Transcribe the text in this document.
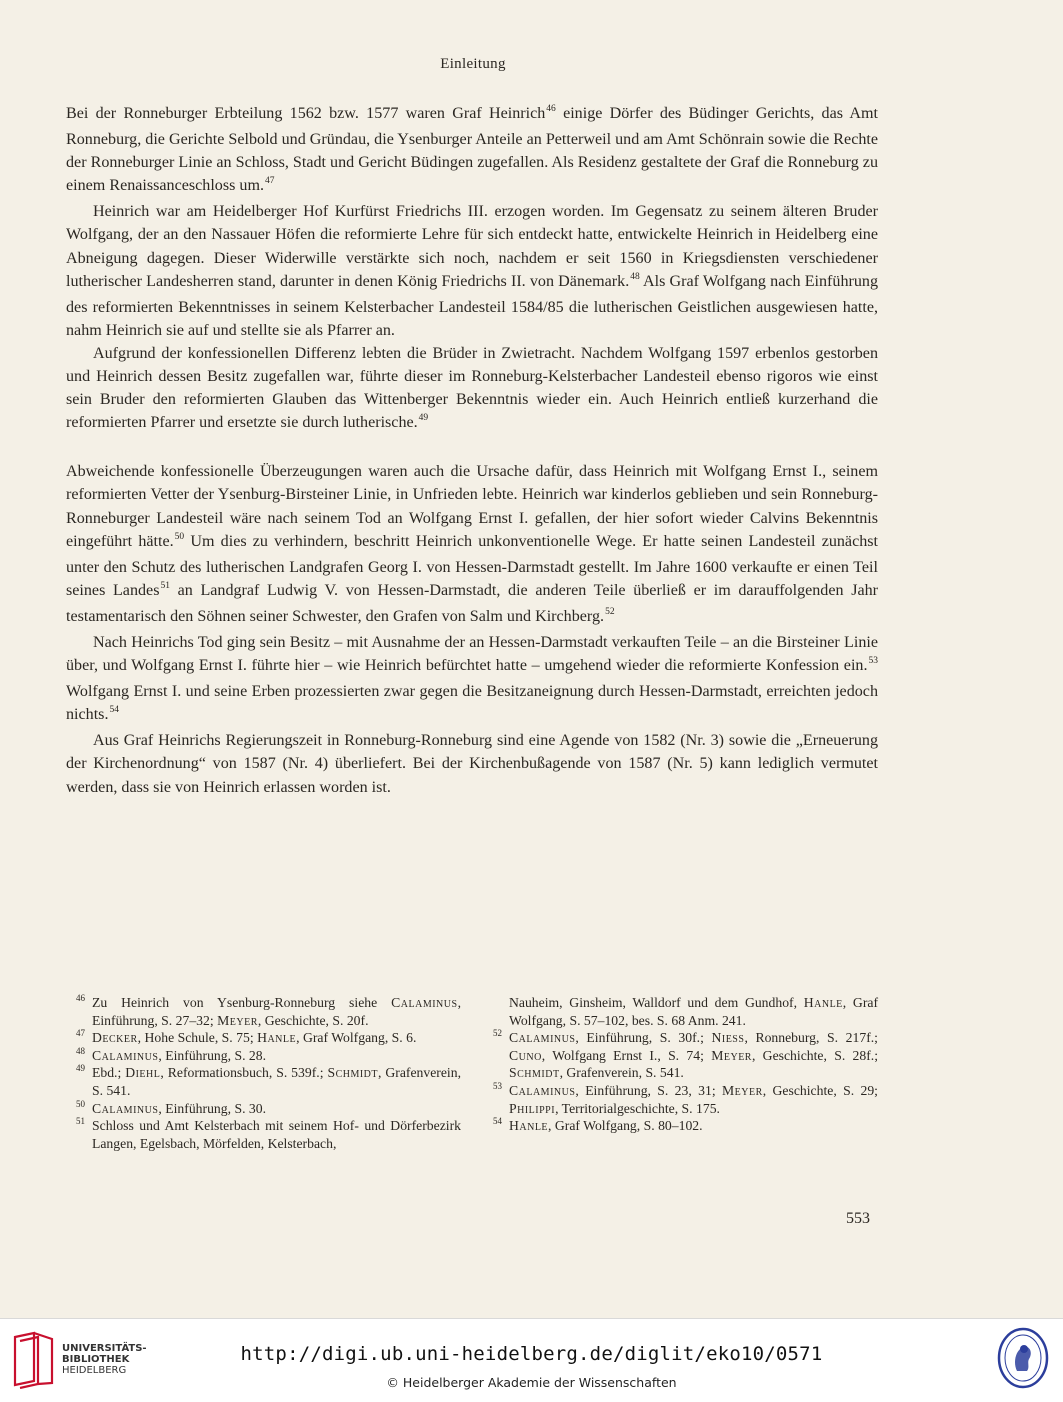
Einleitung

Bei der Ronneburger Erbteilung 1562 bzw. 1577 waren Graf Heinrich$^{46}$ einige Dörfer des Büdinger Gerichts, das Amt Ronneburg, die Gerichte Selbold und Gründau, die Ysenburger Anteile an Petterweil und am Amt Schönrain sowie die Rechte der Ronneburger Linie an Schloss, Stadt und Gericht Büdingen zugefallen. Als Residenz gestaltete der Graf die Ronneburg zu einem Renaissanceschloss um.$^{47}$

Heinrich war am Heidelberger Hof Kurfürst Friedrichs III. erzogen worden. Im Gegensatz zu seinem älteren Bruder Wolfgang, der an den Nassauer Höfen die reformierte Lehre für sich entdeckt hatte, entwickelte Heinrich in Heidelberg eine Abneigung dagegen. Dieser Widerwille verstärkte sich noch, nachdem er seit 1560 in Kriegsdiensten verschiedener lutherischer Landesherren stand, darunter in denen König Friedrichs II. von Dänemark.$^{48}$ Als Graf Wolfgang nach Einführung des reformierten Bekenntnisses in seinem Kelsterbacher Landesteil 1584/85 die lutherischen Geistlichen ausgewiesen hatte, nahm Heinrich sie auf und stellte sie als Pfarrer an.

Aufgrund der konfessionellen Differenz lebten die Brüder in Zwietracht. Nachdem Wolfgang 1597 erbenlos gestorben und Heinrich dessen Besitz zugefallen war, führte dieser im Ronneburg-Kelsterbacher Landesteil ebenso rigoros wie einst sein Bruder den reformierten Glauben das Wittenberger Bekenntnis wieder ein. Auch Heinrich entließ kurzerhand die reformierten Pfarrer und ersetzte sie durch lutherische.$^{49}$

Abweichende konfessionelle Überzeugungen waren auch die Ursache dafür, dass Heinrich mit Wolfgang Ernst I., seinem reformierten Vetter der Ysenburg-Birsteiner Linie, in Unfrieden lebte. Heinrich war kinderlos geblieben und sein Ronneburg-Ronneburger Landesteil wäre nach seinem Tod an Wolfgang Ernst I. gefallen, der hier sofort wieder Calvins Bekenntnis eingeführt hätte.$^{50}$ Um dies zu verhindern, beschritt Heinrich unkonventionelle Wege. Er hatte seinen Landesteil zunächst unter den Schutz des lutherischen Landgrafen Georg I. von Hessen-Darmstadt gestellt. Im Jahre 1600 verkaufte er einen Teil seines Landes$^{51}$ an Landgraf Ludwig V. von Hessen-Darmstadt, die anderen Teile überließ er im darauffolgenden Jahr testamentarisch den Söhnen seiner Schwester, den Grafen von Salm und Kirchberg.$^{52}$

Nach Heinrichs Tod ging sein Besitz – mit Ausnahme der an Hessen-Darmstadt verkauften Teile – an die Birsteiner Linie über, und Wolfgang Ernst I. führte hier – wie Heinrich befürchtet hatte – umgehend wieder die reformierte Konfession ein.$^{53}$ Wolfgang Ernst I. und seine Erben prozessierten zwar gegen die Besitzaneignung durch Hessen-Darmstadt, erreichten jedoch nichts.$^{54}$

Aus Graf Heinrichs Regierungszeit in Ronneburg-Ronneburg sind eine Agende von 1582 (Nr. 3) sowie die „Erneuerung der Kirchenordnung“ von 1587 (Nr. 4) überliefert. Bei der Kirchenbußagende von 1587 (Nr. 5) kann lediglich vermutet werden, dass sie von Heinrich erlassen worden ist.

46 Zu Heinrich von Ysenburg-Ronneburg siehe Calaminus, Einführung, S. 27–32; Meyer, Geschichte, S. 20f.
47 Decker, Hohe Schule, S. 75; Hanle, Graf Wolfgang, S. 6.
48 Calaminus, Einführung, S. 28.
49 Ebd.; Diehl, Reformationsbuch, S. 539f.; Schmidt, Grafenverein, S. 541.
50 Calaminus, Einführung, S. 30.
51 Schloss und Amt Kelsterbach mit seinem Hof- und Dörferbezirk Langen, Egelsbach, Mörfelden, Kelsterbach,
Nauheim, Ginsheim, Walldorf und dem Gundhof, Hanle, Graf Wolfgang, S. 57–102, bes. S. 68 Anm. 241.
52 Calaminus, Einführung, S. 30f.; Niess, Ronneburg, S. 217f.; Cuno, Wolfgang Ernst I., S. 74; Meyer, Geschichte, S. 28f.; Schmidt, Grafenverein, S. 541.
53 Calaminus, Einführung, S. 23, 31; Meyer, Geschichte, S. 29; Philippi, Territorialgeschichte, S. 175.
54 Hanle, Graf Wolfgang, S. 80–102.
553
UNIVERSITÄTS-
BIBLIOTHEK
HEIDELBERG
http://digi.ub.uni-heidelberg.de/diglit/eko10/0571
© Heidelberger Akademie der Wissenschaften
